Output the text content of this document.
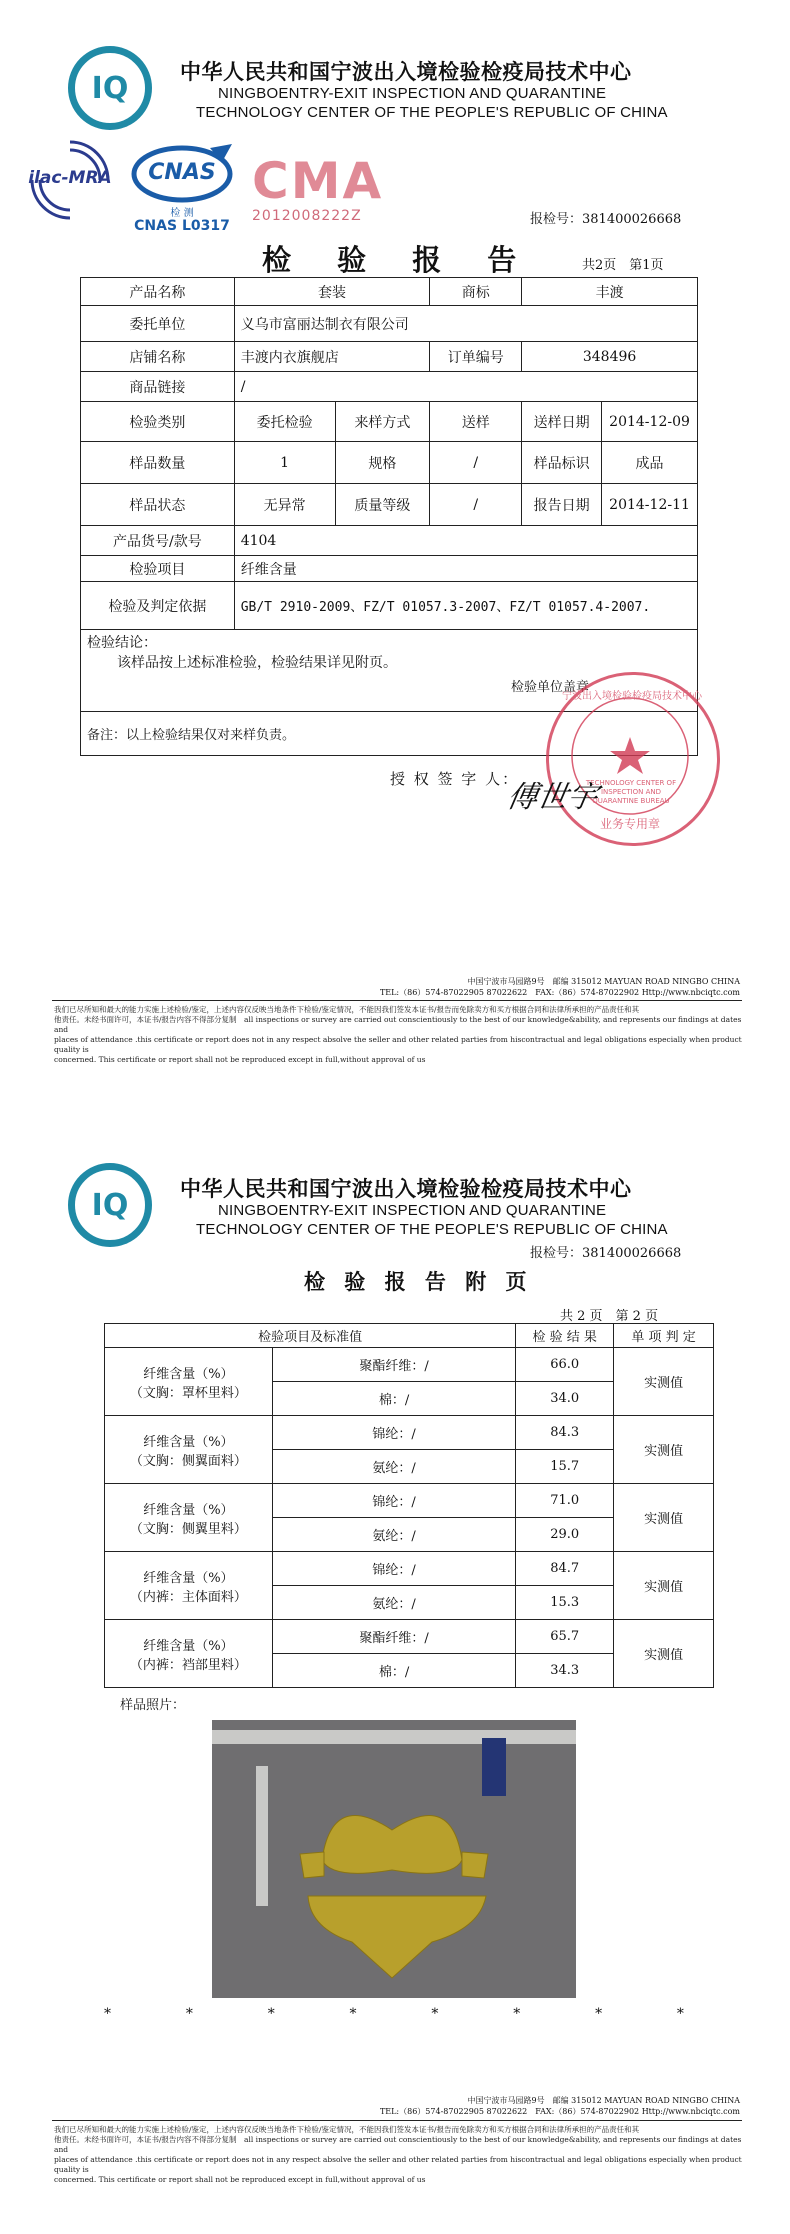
IQ 中华人民共和国宁波出入境检验检疫局技术中心
NINGBOENTRY-EXIT INSPECTION AND QUARANTINE
TECHNOLOGY CENTER OF THE PEOPLE'S REPUBLIC OF CHINA
ilac-MRA	CNAS
检 测
CNAS L0317
CMA
2012008222Z	报检号：381400026668
检 验 报 告	共2页　第1页
产品名称	套装		商标	丰渡	
委托单位	义乌市富丽达制衣有限公司				
店铺名称	丰渡内衣旗舰店		订单编号	348496	
商品链接	/				
检验类别	委托检验	来样方式	送样	送样日期	2014-12-09
样品数量	1	规格	/	样品标识	成品
样品状态	无异常	质量等级	/	报告日期	2014-12-11
产品货号/款号	4104				
检验项目	纤维含量				
检验及判定依据	GB/T 2910-2009、FZ/T 01057.3-2007、FZ/T 01057.4-2007.				

检验结论：
该样品按上述标准检验，检验结果详见附页。
检验单位盖章					

备注：以上检验结果仅对来样负责。					
宁波出入境检验检疫局技术中心
TECHNOLOGY CENTER OF INSPECTION AND QUARANTINE BUREAU
业务专用章
授 权 签 字 人：
傅世宇
中国宁波市马园路9号　邮编 315012 MAYUAN ROAD NINGBO CHINA
TEL:（86）574-87022905 87022622　FAX:（86）574-87022902 Http://www.nbciqtc.com
我们已尽所知和最大的能力实施上述检验/鉴定，上述内容仅反映当地条件下检验/鉴定情况，不能因我们签发本证书/报告而免除卖方和买方根据合同和法律所承担的产品责任和其
他责任。未经书面许可，本证书/报告内容不得部分复制　all inspections or survey are carried out conscientiously to the best of our knowledge&ability, and represents our findings at dates and
places of attendance .this certificate or report does not in any respect absolve the seller and other related parties from hiscontractual and legal obligations especially when product quality is
concerned. This certificate or report shall not be reproduced except in full,without approval of us
IQ 中华人民共和国宁波出入境检验检疫局技术中心
NINGBOENTRY-EXIT INSPECTION AND QUARANTINE
TECHNOLOGY CENTER OF THE PEOPLE'S REPUBLIC OF CHINA
报检号：381400026668
检 验 报 告 附 页
共 2 页　第 2 页
检验项目及标准值		检 验 结 果	单 项 判 定

纤维含量（%）
（文胸：罩杯里料）	聚酯纤维：/	66.0	实测值
	棉：/	34.0	

纤维含量（%）
（文胸：侧翼面料）	锦纶：/	84.3	实测值
	氨纶：/	15.7	

纤维含量（%）
（文胸：侧翼里料）	锦纶：/	71.0	实测值
	氨纶：/	29.0	

纤维含量（%）
（内裤：主体面料）	锦纶：/	84.7	实测值
	氨纶：/	15.3	

纤维含量（%）
（内裤：裆部里料）	聚酯纤维：/	65.7	实测值
	棉：/	34.3	
样品照片：
*	*	*	*	*	*	*	*
中国宁波市马园路9号　邮编 315012 MAYUAN ROAD NINGBO CHINA
TEL:（86）574-87022905 87022622　FAX:（86）574-87022902 Http://www.nbciqtc.com
我们已尽所知和最大的能力实施上述检验/鉴定，上述内容仅反映当地条件下检验/鉴定情况，不能因我们签发本证书/报告而免除卖方和买方根据合同和法律所承担的产品责任和其
他责任。未经书面许可，本证书/报告内容不得部分复制　all inspections or survey are carried out conscientiously to the best of our knowledge&ability, and represents our findings at dates and
places of attendance .this certificate or report does not in any respect absolve the seller and other related parties from hiscontractual and legal obligations especially when product quality is
concerned. This certificate or report shall not be reproduced except in full,without approval of us
